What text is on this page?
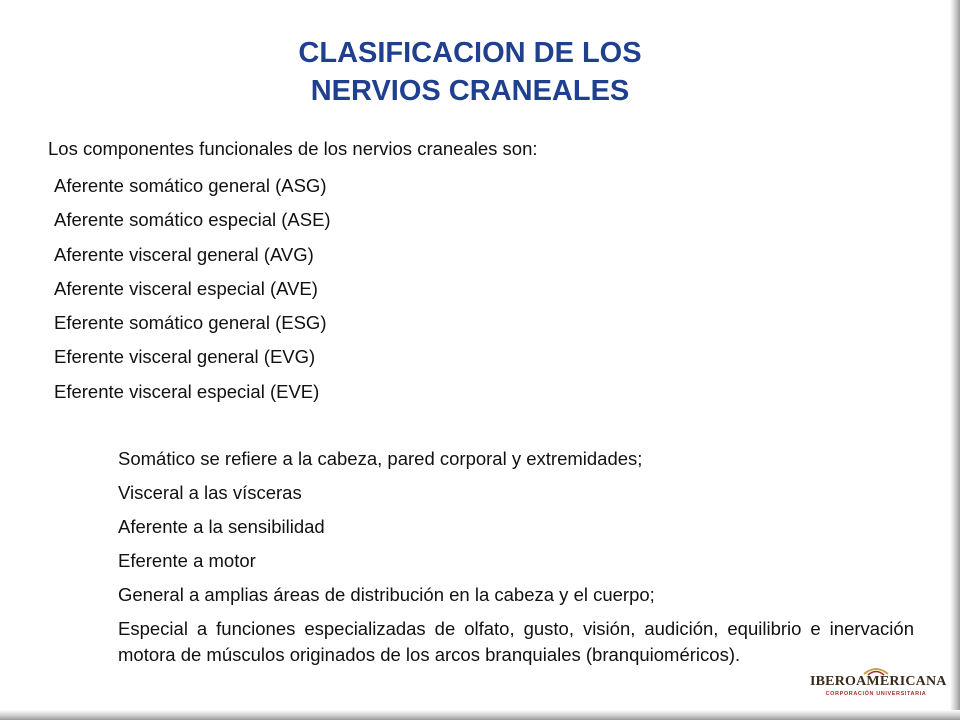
CLASIFICACION DE LOS
NERVIOS CRANEALES
Los componentes funcionales de los nervios craneales son:
Aferente somático general (ASG)
Aferente somático especial (ASE)
Aferente visceral general (AVG)
Aferente visceral especial (AVE)
Eferente somático general (ESG)
Eferente visceral general (EVG)
Eferente visceral especial (EVE)
Somático se refiere a la cabeza, pared corporal y extremidades;
Visceral a las vísceras
Aferente a la sensibilidad
Eferente a motor
General a amplias áreas de distribución en la cabeza y el cuerpo;
Especial a funciones especializadas de olfato, gusto, visión, audición, equilibrio e inervación motora de músculos originados de los arcos branquiales (branquioméricos).
IBEROAMERICANA
CORPORACIÓN UNIVERSITARIA
